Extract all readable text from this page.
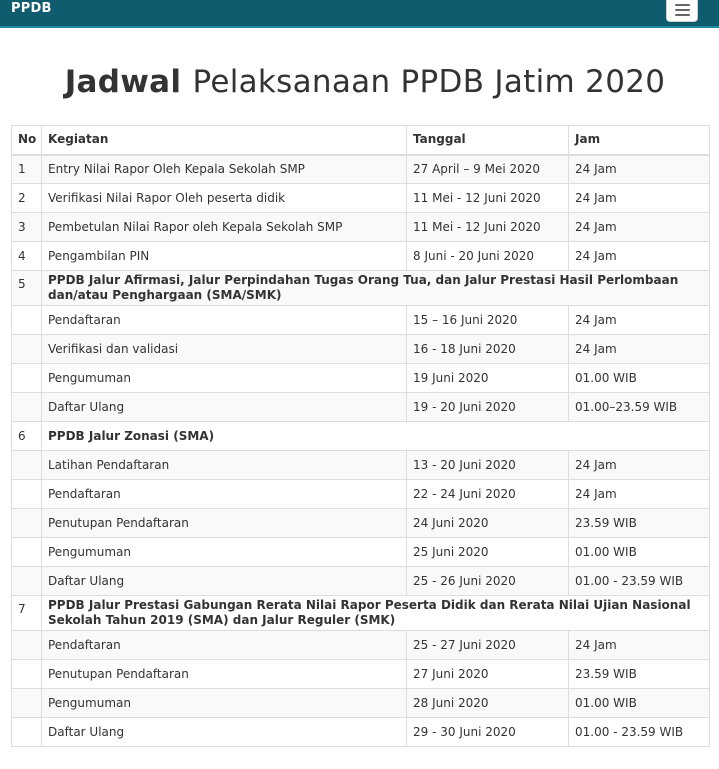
PPDB
Jadwal Pelaksanaan PPDB Jatim 2020
No	Kegiatan	Tanggal	Jam
1	Entry Nilai Rapor Oleh Kepala Sekolah SMP	27 April – 9 Mei 2020	24 Jam
2	Verifikasi Nilai Rapor Oleh peserta didik	11 Mei - 12 Juni 2020	24 Jam
3	Pembetulan Nilai Rapor oleh Kepala Sekolah SMP	11 Mei - 12 Juni 2020	24 Jam
4	Pengambilan PIN	8 Juni - 20 Juni 2020	24 Jam
5	PPDB Jalur Afirmasi, Jalur Perpindahan Tugas Orang Tua, dan Jalur Prestasi Hasil Perlombaan dan/atau Penghargaan (SMA/SMK)		
	Pendaftaran	15 – 16 Juni 2020	24 Jam
	Verifikasi dan validasi	16 - 18 Juni 2020	24 Jam
	Pengumuman	19 Juni 2020	01.00 WIB
	Daftar Ulang	19 - 20 Juni 2020	01.00–23.59 WIB
6	PPDB Jalur Zonasi (SMA)		
	Latihan Pendaftaran	13 - 20 Juni 2020	24 Jam
	Pendaftaran	22 - 24 Juni 2020	24 Jam
	Penutupan Pendaftaran	24 Juni 2020	23.59 WIB
	Pengumuman	25 Juni 2020	01.00 WIB
	Daftar Ulang	25 - 26 Juni 2020	01.00 - 23.59 WIB
7	PPDB Jalur Prestasi Gabungan Rerata Nilai Rapor Peserta Didik dan Rerata Nilai Ujian Nasional Sekolah Tahun 2019 (SMA) dan Jalur Reguler (SMK)		
	Pendaftaran	25 - 27 Juni 2020	24 Jam
	Penutupan Pendaftaran	27 Juni 2020	23.59 WIB
	Pengumuman	28 Juni 2020	01.00 WIB
	Daftar Ulang	29 - 30 Juni 2020	01.00 - 23.59 WIB
